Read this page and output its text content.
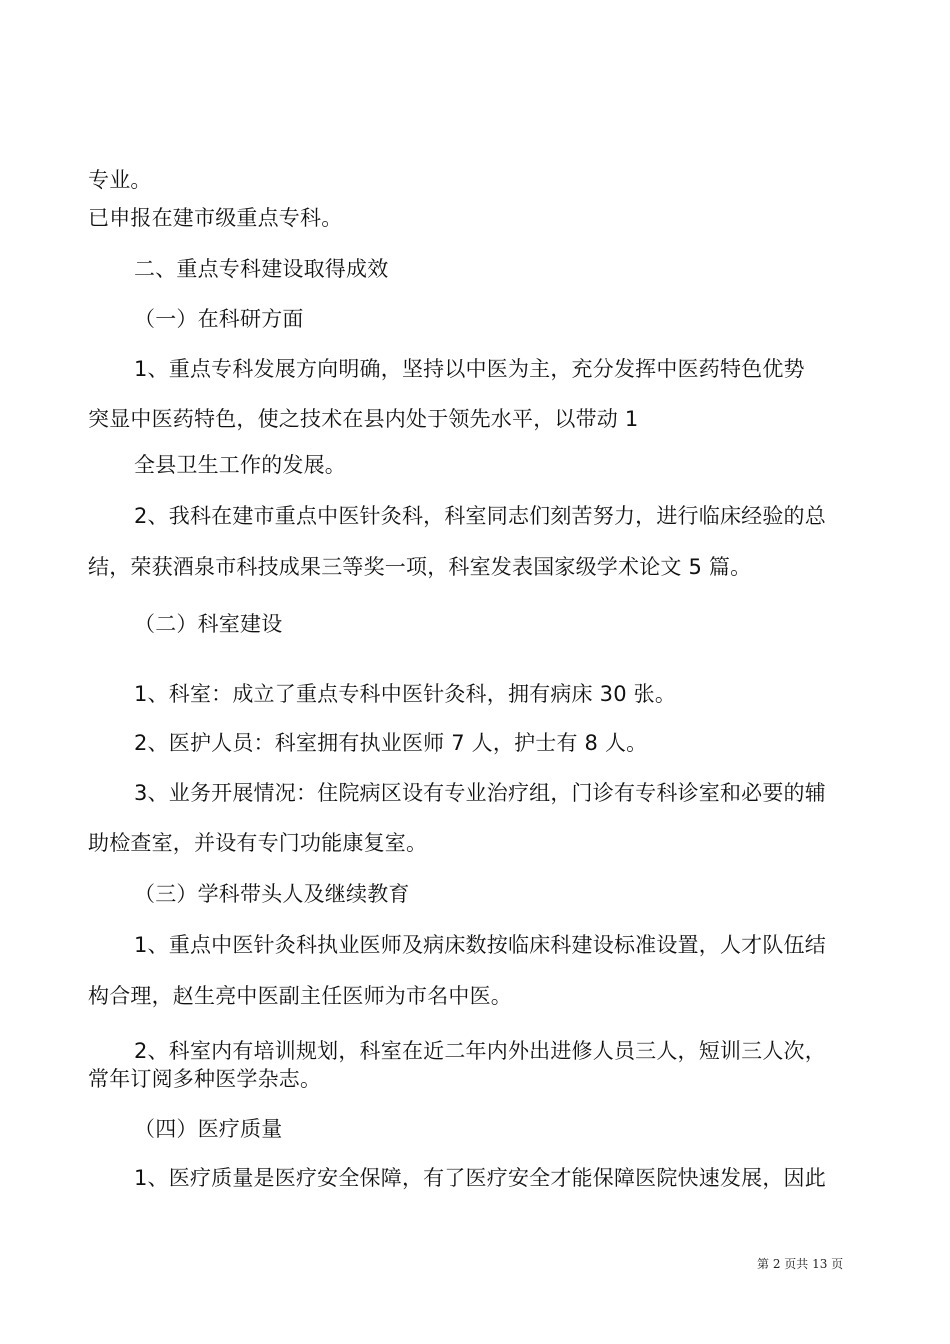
专业。
已申报在建市级重点专科。
二、重点专科建设取得成效
（一）在科研方面
1、重点专科发展方向明确，坚持以中医为主，充分发挥中医药特色优势
突显中医药特色，使之技术在县内处于领先水平，以带动 1
全县卫生工作的发展。
2、我科在建市重点中医针灸科，科室同志们刻苦努力，进行临床经验的总
结，荣获酒泉市科技成果三等奖一项，科室发表国家级学术论文 5 篇。
（二）科室建设
1、科室：成立了重点专科中医针灸科，拥有病床 30 张。
2、医护人员：科室拥有执业医师 7 人，护士有 8 人。
3、业务开展情况：住院病区设有专业治疗组，门诊有专科诊室和必要的辅
助检查室，并设有专门功能康复室。
（三）学科带头人及继续教育
1、重点中医针灸科执业医师及病床数按临床科建设标准设置，人才队伍结
构合理，赵生亮中医副主任医师为市名中医。
2、科室内有培训规划，科室在近二年内外出进修人员三人，短训三人次，
常年订阅多种医学杂志。
（四）医疗质量
1、医疗质量是医疗安全保障，有了医疗安全才能保障医院快速发展，因此
第 2 页共 13 页
